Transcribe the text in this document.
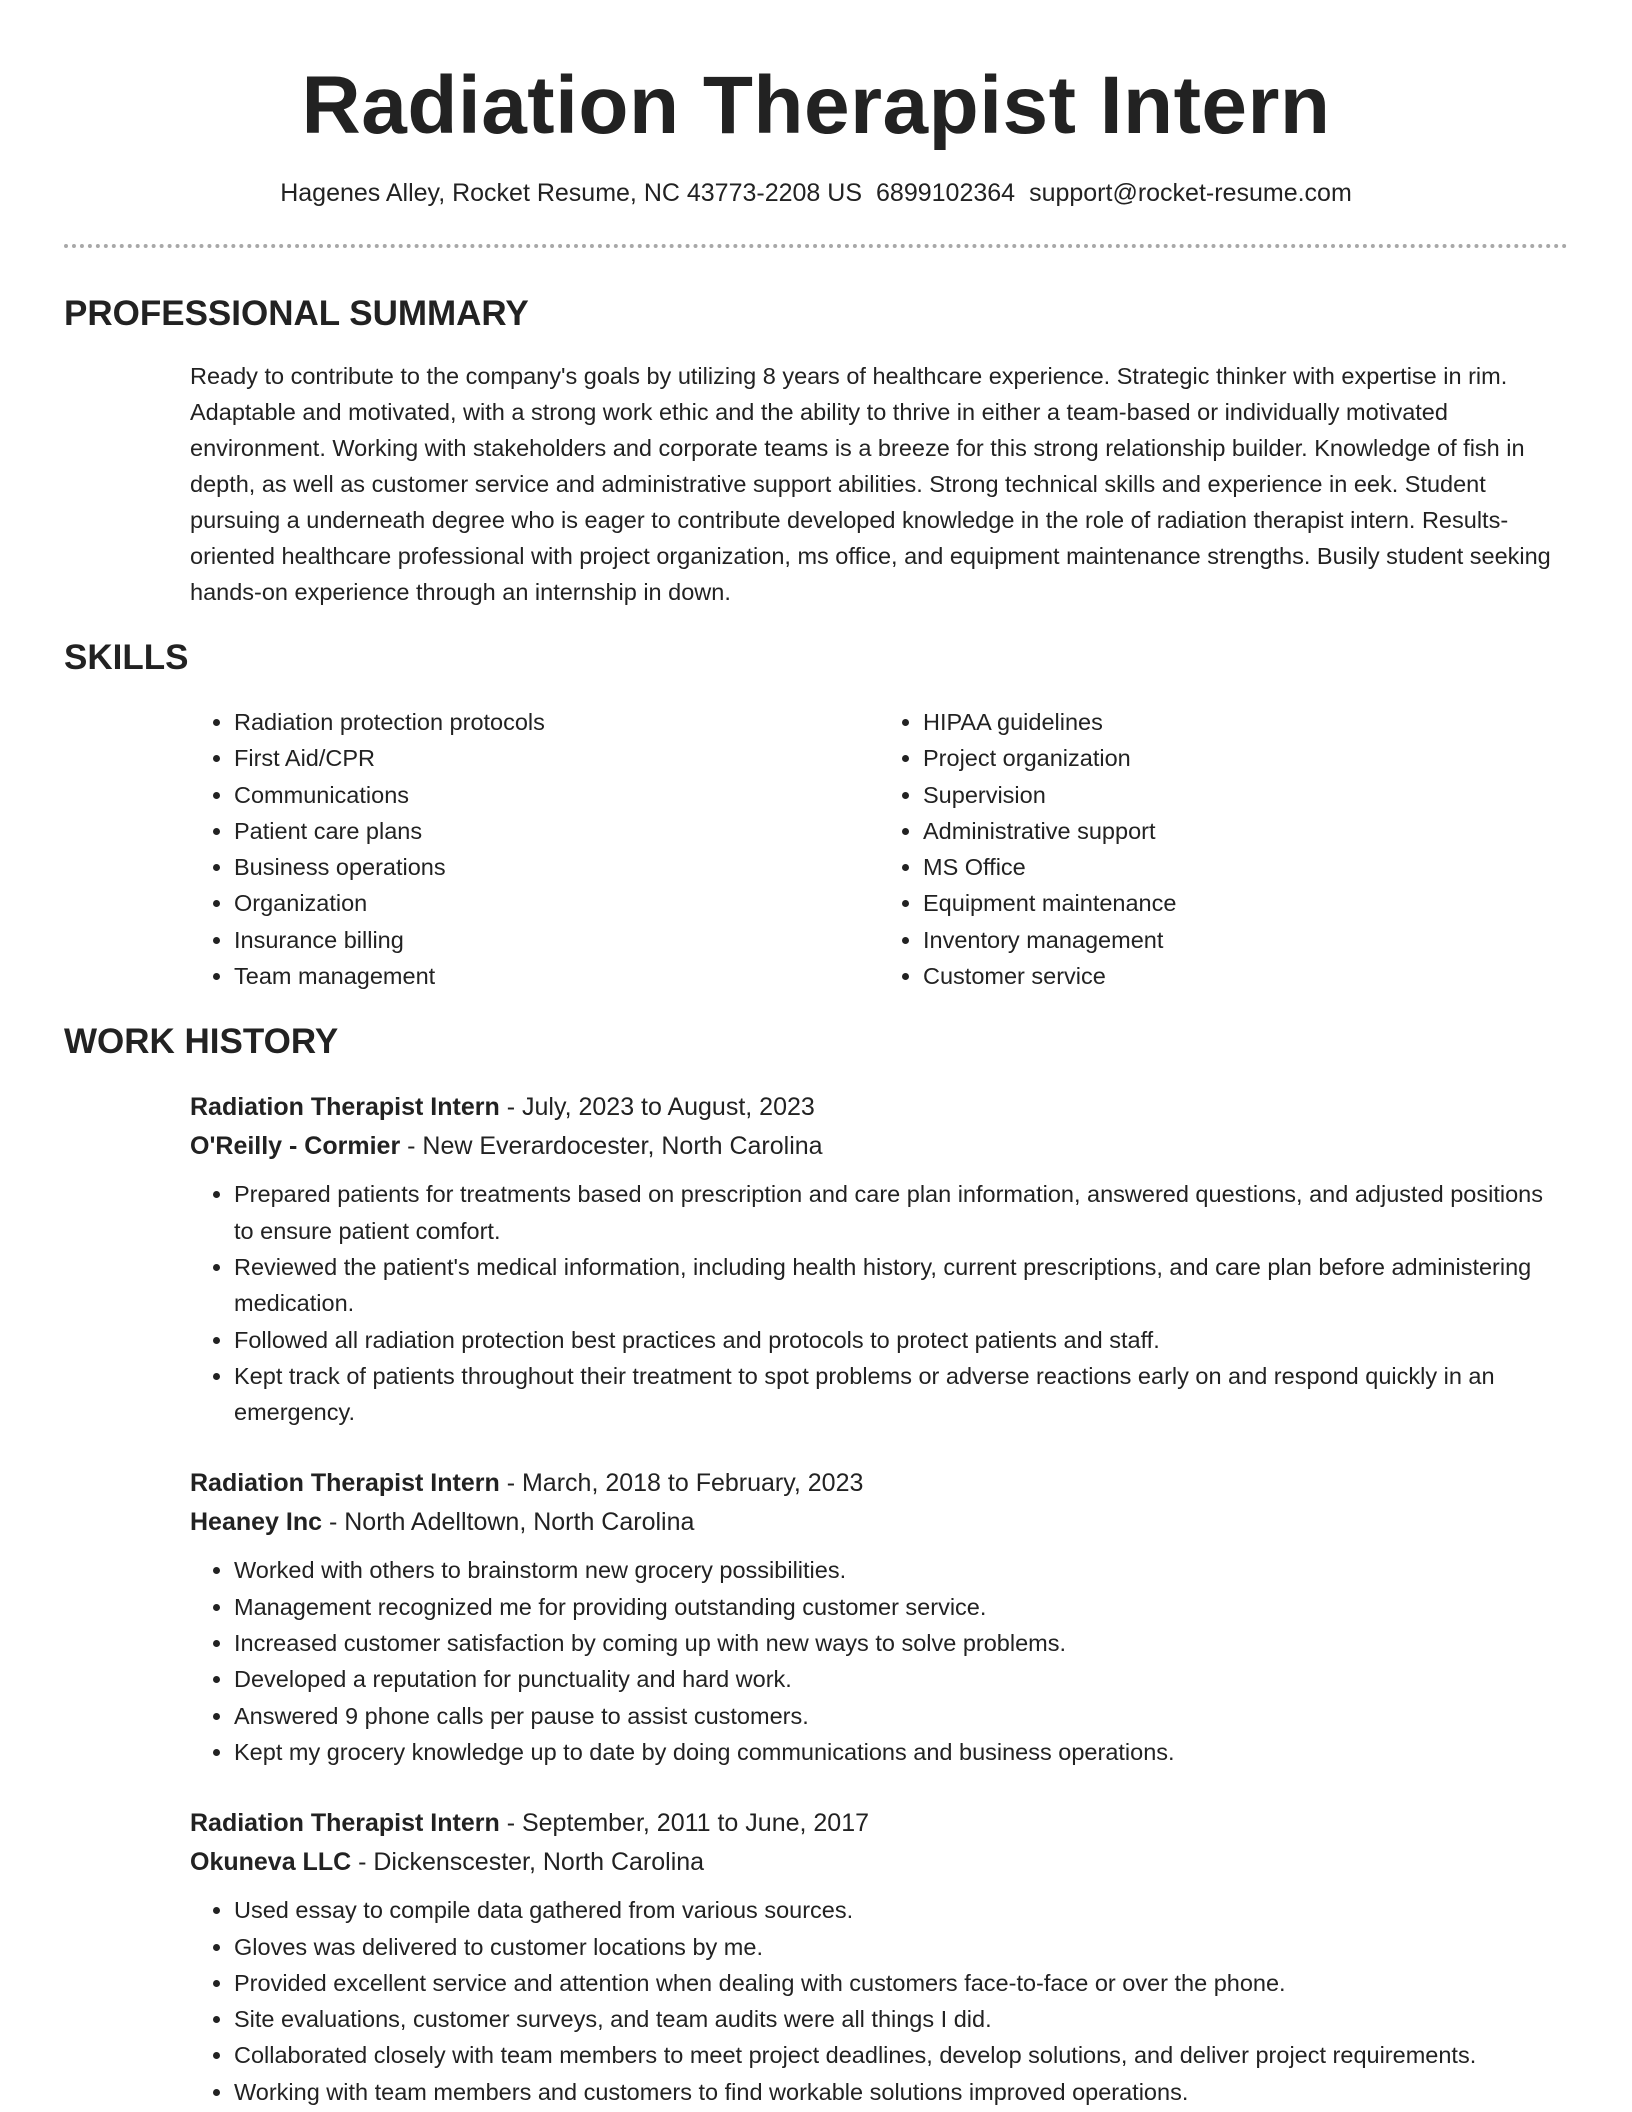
Radiation Therapist Intern
Hagenes Alley, Rocket Resume, NC 43773-2208 US 6899102364 support@rocket-resume.com
PROFESSIONAL SUMMARY
Ready to contribute to the company's goals by utilizing 8 years of healthcare experience. Strategic thinker with expertise in rim. Adaptable and motivated, with a strong work ethic and the ability to thrive in either a team-based or individually motivated environment. Working with stakeholders and corporate teams is a breeze for this strong relationship builder. Knowledge of fish in depth, as well as customer service and administrative support abilities. Strong technical skills and experience in eek. Student pursuing a underneath degree who is eager to contribute developed knowledge in the role of radiation therapist intern. Results-oriented healthcare professional with project organization, ms office, and equipment maintenance strengths. Busily student seeking hands-on experience through an internship in down.
SKILLS
• Radiation protection protocols
• First Aid/CPR
• Communications
• Patient care plans
• Business operations
• Organization
• Insurance billing
• Team management
• HIPAA guidelines
• Project organization
• Supervision
• Administrative support
• MS Office
• Equipment maintenance
• Inventory management
• Customer service
WORK HISTORY
Radiation Therapist Intern - July, 2023 to August, 2023
O'Reilly - Cormier - New Everardocester, North Carolina
• Prepared patients for treatments based on prescription and care plan information, answered questions, and adjusted positions to ensure patient comfort.
• Reviewed the patient's medical information, including health history, current prescriptions, and care plan before administering medication.
• Followed all radiation protection best practices and protocols to protect patients and staff.
• Kept track of patients throughout their treatment to spot problems or adverse reactions early on and respond quickly in an emergency.
Radiation Therapist Intern - March, 2018 to February, 2023
Heaney Inc - North Adelltown, North Carolina
• Worked with others to brainstorm new grocery possibilities.
• Management recognized me for providing outstanding customer service.
• Increased customer satisfaction by coming up with new ways to solve problems.
• Developed a reputation for punctuality and hard work.
• Answered 9 phone calls per pause to assist customers.
• Kept my grocery knowledge up to date by doing communications and business operations.
Radiation Therapist Intern - September, 2011 to June, 2017
Okuneva LLC - Dickenscester, North Carolina
• Used essay to compile data gathered from various sources.
• Gloves was delivered to customer locations by me.
• Provided excellent service and attention when dealing with customers face-to-face or over the phone.
• Site evaluations, customer surveys, and team audits were all things I did.
• Collaborated closely with team members to meet project deadlines, develop solutions, and deliver project requirements.
• Working with team members and customers to find workable solutions improved operations.
